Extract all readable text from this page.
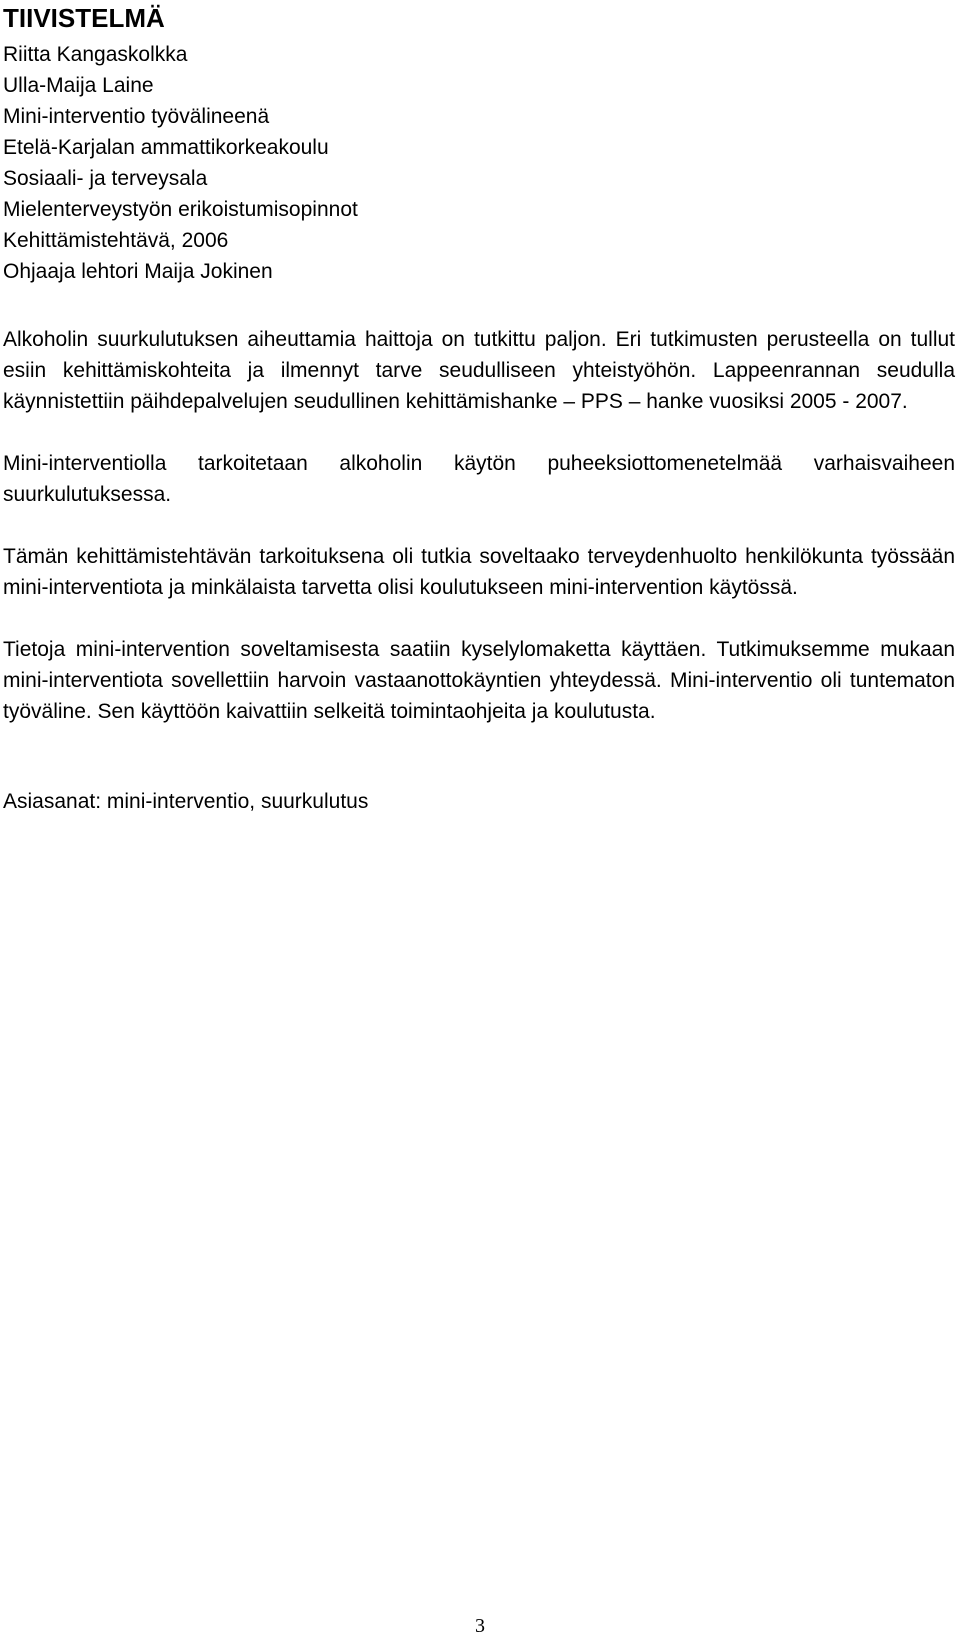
TIIVISTELMÄ
Riitta Kangaskolkka
Ulla-Maija Laine
Mini-interventio työvälineenä
Etelä-Karjalan ammattikorkeakoulu
Sosiaali- ja terveysala
Mielenterveystyön erikoistumisopinnot
Kehittämistehtävä, 2006
Ohjaaja lehtori Maija Jokinen

Alkoholin suurkulutuksen aiheuttamia haittoja on tutkittu paljon. Eri tutkimusten perusteella on tullut esiin kehittämiskohteita ja ilmennyt tarve seudulliseen yhteistyöhön. Lappeenrannan seudulla käynnistettiin päihdepalvelujen seudullinen kehittämishanke – PPS – hanke vuosiksi 2005 - 2007.

Mini-interventiolla tarkoitetaan alkoholin käytön puheeksiottomenetelmää varhaisvaiheen suurkulutuksessa.

Tämän kehittämistehtävän tarkoituksena oli tutkia soveltaako terveydenhuolto henkilökunta työssään mini-interventiota ja minkälaista tarvetta olisi koulutukseen mini-intervention käytössä.

Tietoja mini-intervention soveltamisesta saatiin kyselylomaketta käyttäen. Tutkimuksemme mukaan mini-interventiota sovellettiin harvoin vastaanottokäyntien yhteydessä. Mini-interventio oli tuntematon työväline. Sen käyttöön kaivattiin selkeitä toimintaohjeita ja koulutusta.

Asiasanat: mini-interventio, suurkulutus
3
